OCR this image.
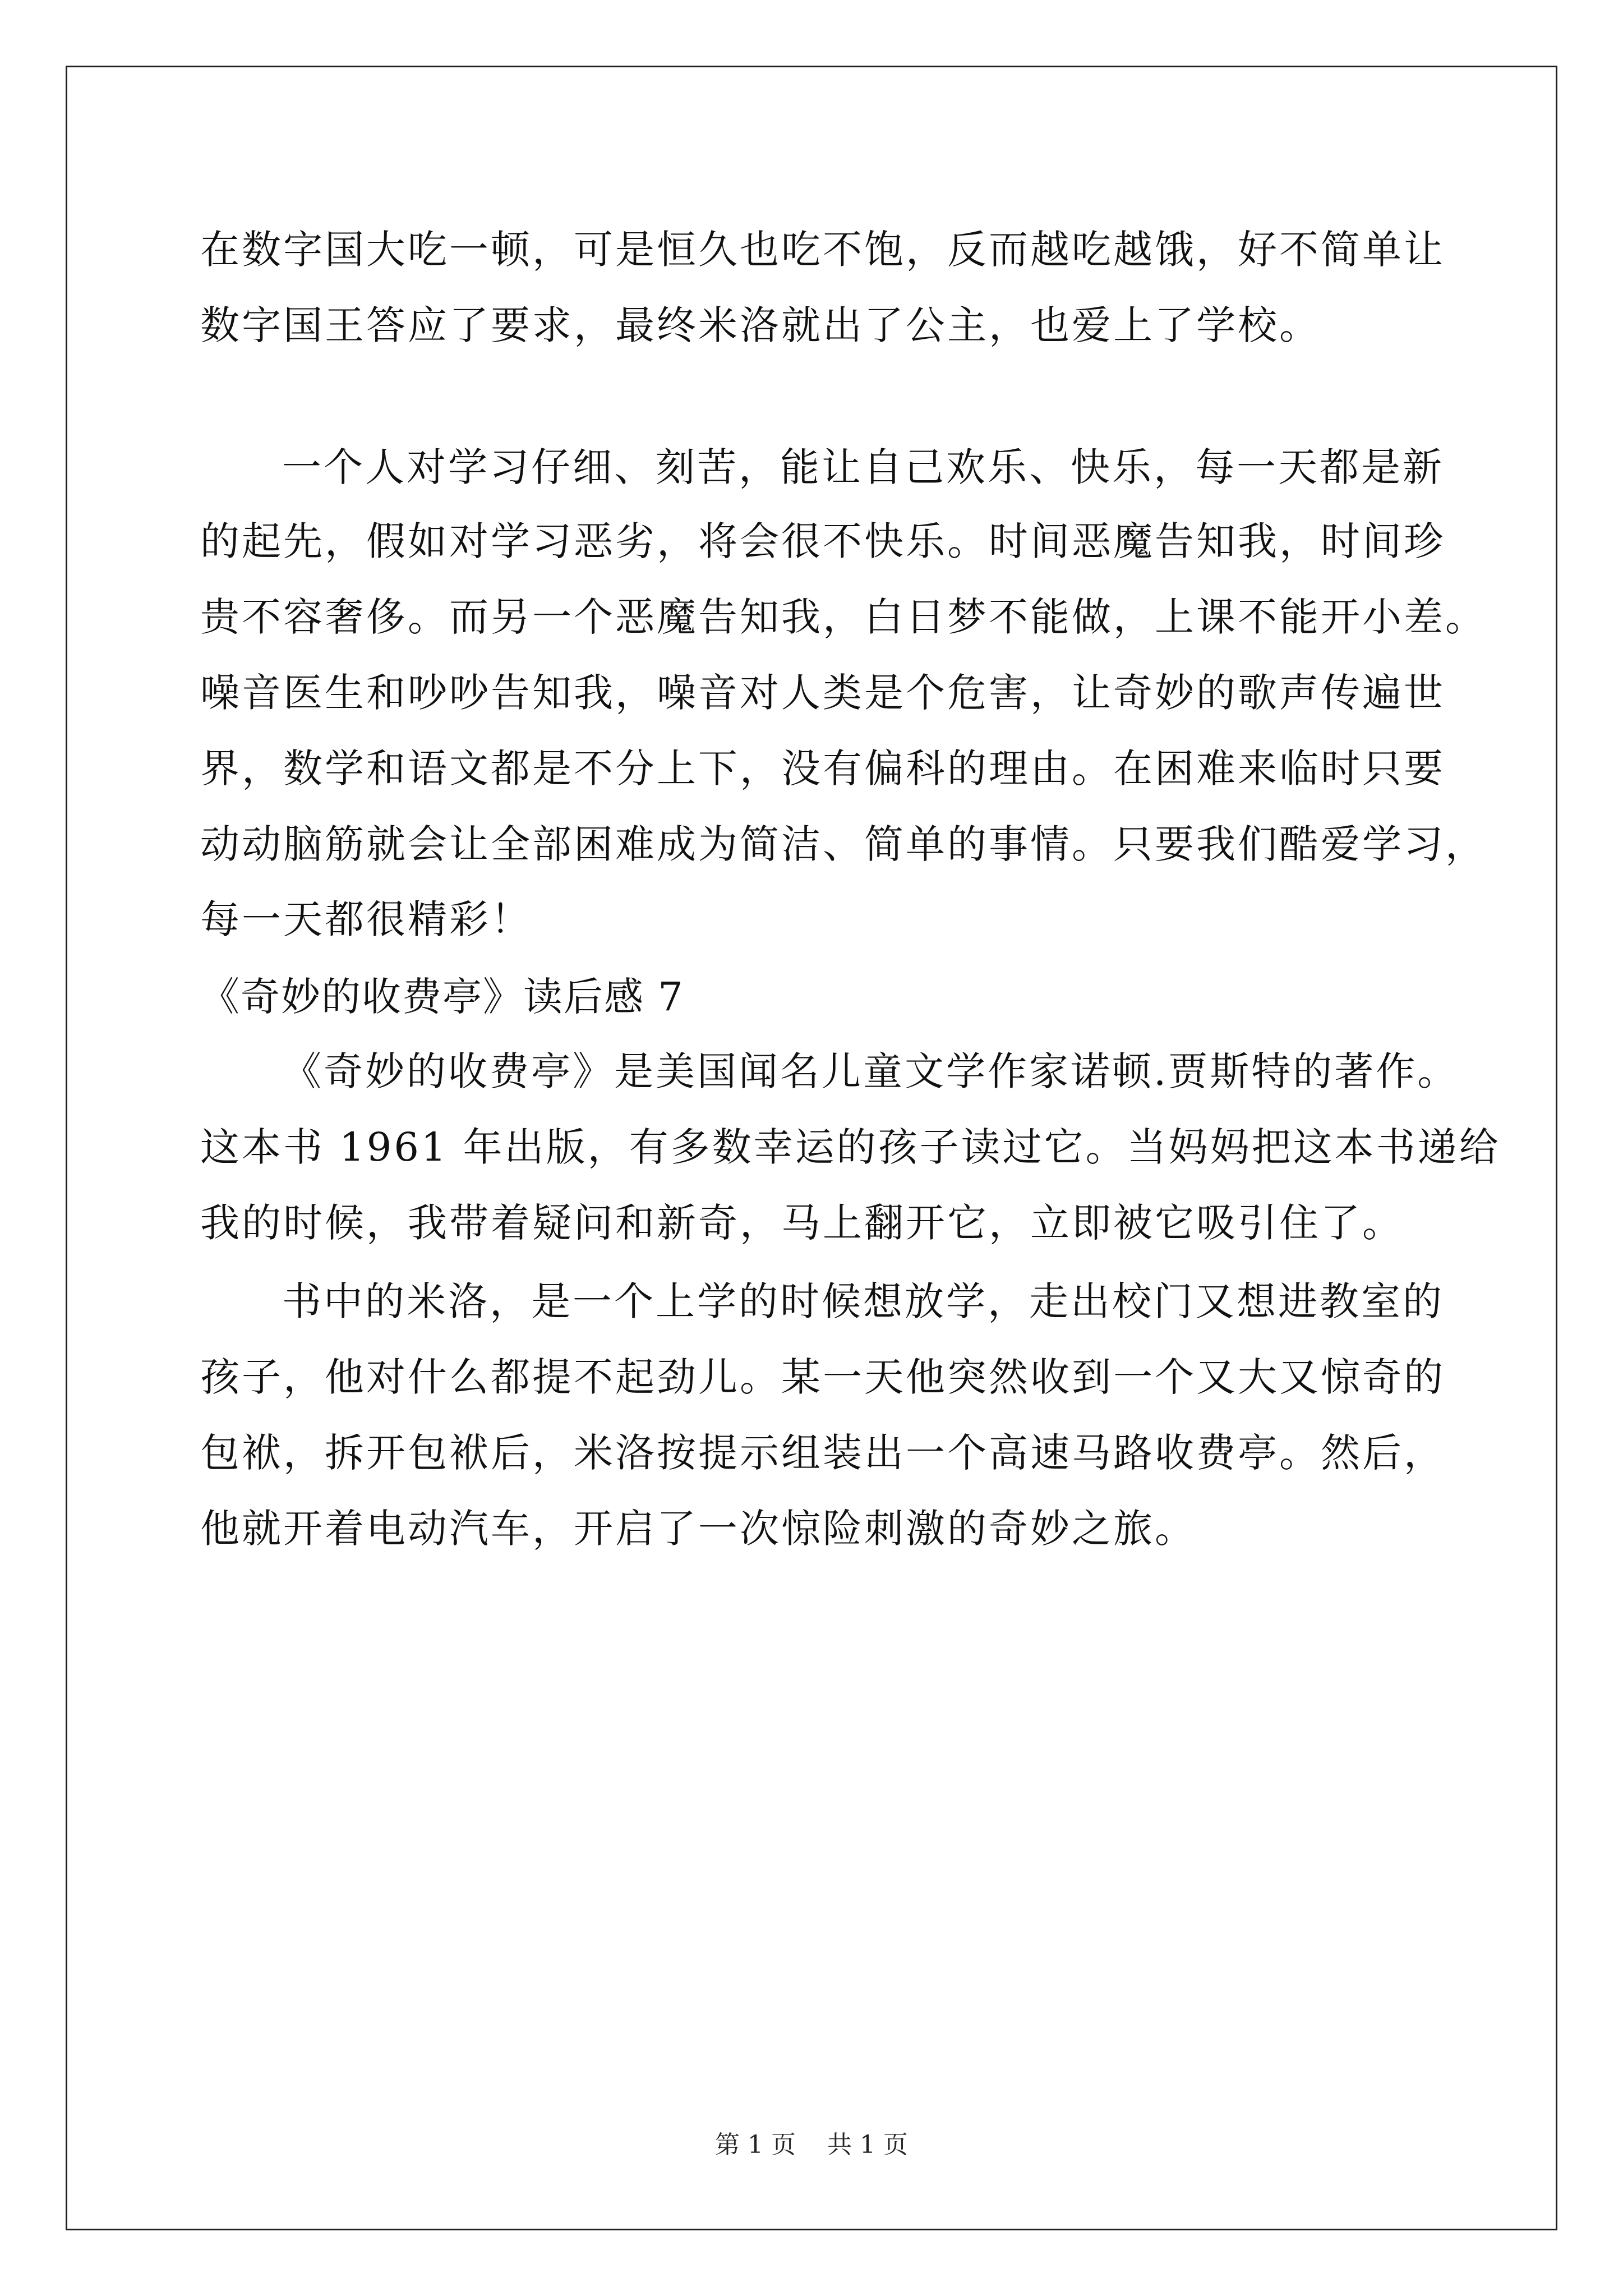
在数字国大吃一顿，可是恒久也吃不饱，反而越吃越饿，好不简单让
数字国王答应了要求，最终米洛就出了公主，也爱上了学校。
一个人对学习仔细、刻苦，能让自己欢乐、快乐，每一天都是新
的起先，假如对学习恶劣，将会很不快乐。时间恶魔告知我，时间珍
贵不容奢侈。而另一个恶魔告知我，白日梦不能做，上课不能开小差。
噪音医生和吵吵告知我，噪音对人类是个危害，让奇妙的歌声传遍世
界，数学和语文都是不分上下，没有偏科的理由。在困难来临时只要
动动脑筋就会让全部困难成为简洁、简单的事情。只要我们酷爱学习，
每一天都很精彩！
《奇妙的收费亭》读后感 7
《奇妙的收费亭》是美国闻名儿童文学作家诺顿.贾斯特的著作。
这本书 1961 年出版，有多数幸运的孩子读过它。当妈妈把这本书递给
我的时候，我带着疑问和新奇，马上翻开它，立即被它吸引住了。
书中的米洛，是一个上学的时候想放学，走出校门又想进教室的
孩子，他对什么都提不起劲儿。某一天他突然收到一个又大又惊奇的
包袱，拆开包袱后，米洛按提示组装出一个高速马路收费亭。然后，
他就开着电动汽车，开启了一次惊险刺激的奇妙之旅。
第 1 页    共 1 页
